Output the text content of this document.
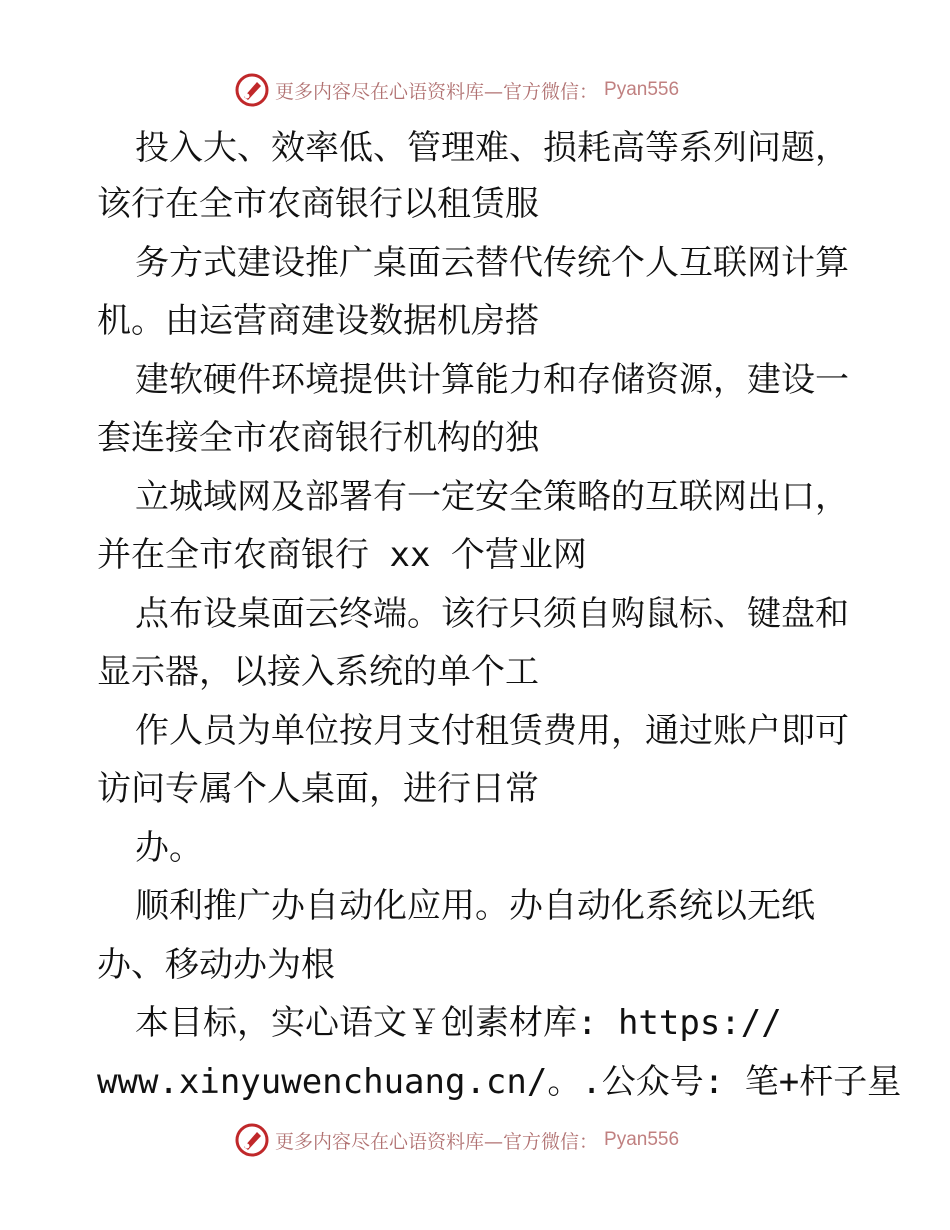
更多内容尽在心语资料库—官方微信： Pyan556
投入大、效率低、管理难、损耗高等系列问题，
该行在全市农商银行以租赁服
务方式建设推广桌面云替代传统个人互联网计算
机。由运营商建设数据机房搭
建软硬件环境提供计算能力和存储资源，建设一
套连接全市农商银行机构的独
立城域网及部署有一定安全策略的互联网出口，
并在全市农商银行 xx 个营业网
点布设桌面云终端。该行只须自购鼠标、键盘和
显示器，以接入系统的单个工
作人员为单位按月支付租赁费用，通过账户即可
访问专属个人桌面，进行日常
办。
顺利推广办自动化应用。办自动化系统以无纸
办、移动办为根
本目标，实心语文￥创素材库: https://
www.xinyuwenchuang.cn/。.公众号: 笔+杆子星
更多内容尽在心语资料库—官方微信： Pyan556
